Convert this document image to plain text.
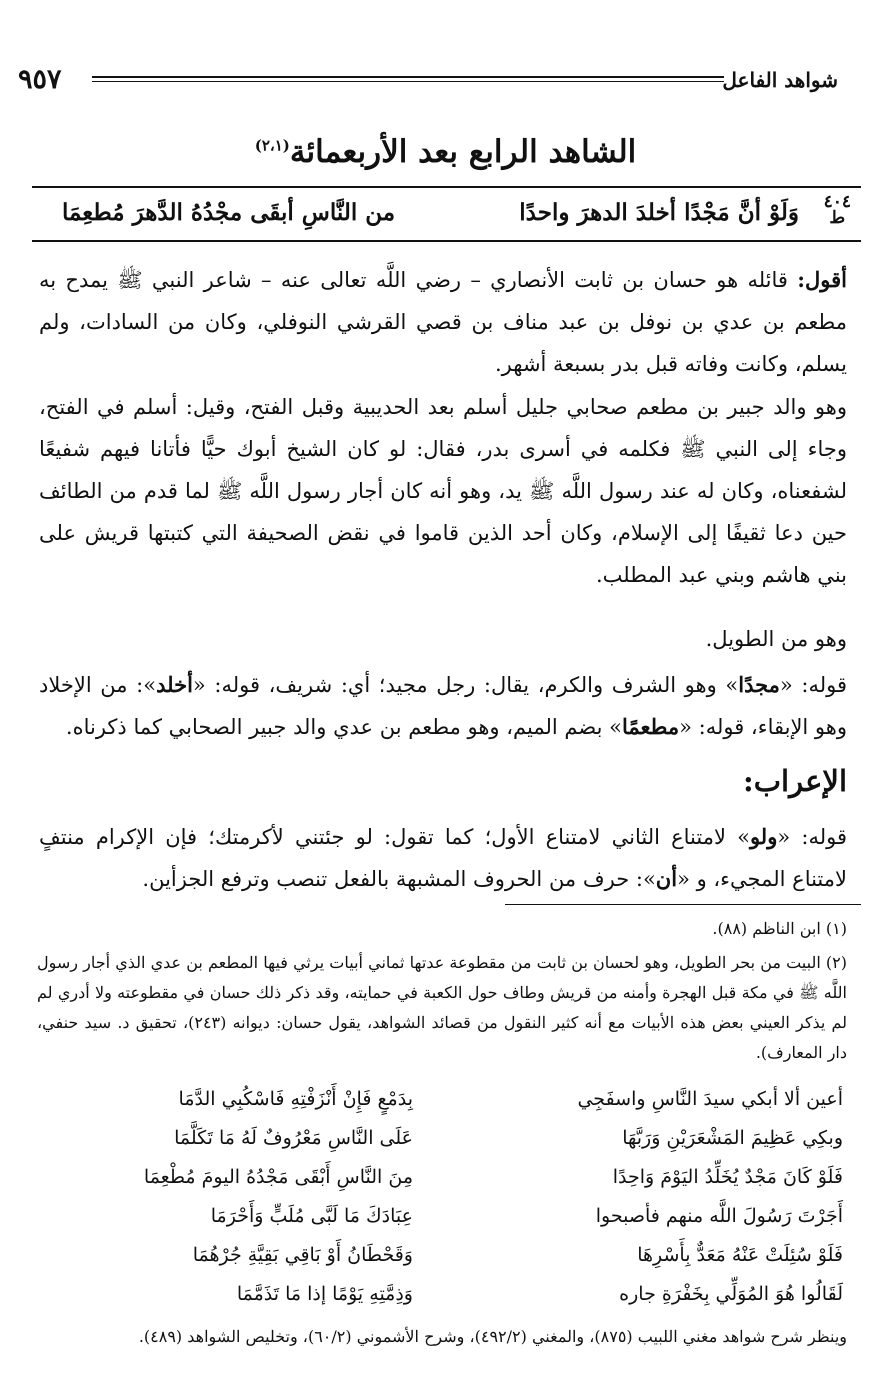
٩٥٧	شواهد الفاعل
الشاهد الرابع بعد الأربعمائة$^{(٢،١)}$
٤٠٤
ط
وَلَوْ أنَّ مَجْدًا أخلدَ الدهرَ واحدًا
من النَّاسِ أبقَى مجْدُهُ الدَّهرَ مُطعِمَا
أقول: قائله هو حسان بن ثابت الأنصاري – رضي اللَّه تعالى عنه – شاعر النبي ﷺ يمدح به مطعم بن عدي بن نوفل بن عبد مناف بن قصي القرشي النوفلي، وكان من السادات، ولم يسلم، وكانت وفاته قبل بدر بسبعة أشهر.
وهو والد جبير بن مطعم صحابي جليل أسلم بعد الحديبية وقبل الفتح، وقيل: أسلم في الفتح، وجاء إلى النبي ﷺ فكلمه في أسرى بدر، فقال: لو كان الشيخ أبوك حيًّا فأتانا فيهم شفيعًا لشفعناه، وكان له عند رسول اللَّه ﷺ يد، وهو أنه كان أجار رسول اللَّه ﷺ لما قدم من الطائف حين دعا ثقيفًا إلى الإسلام، وكان أحد الذين قاموا في نقض الصحيفة التي كتبتها قريش على بني هاشم وبني عبد المطلب.
وهو من الطويل.
قوله: «مجدًا» وهو الشرف والكرم، يقال: رجل مجيد؛ أي: شريف، قوله: «أخلد»: من الإخلاد وهو الإبقاء، قوله: «مطعمًا» بضم الميم، وهو مطعم بن عدي والد جبير الصحابي كما ذكرناه.
الإعراب:
قوله: «ولو» لامتناع الثاني لامتناع الأول؛ كما تقول: لو جئتني لأكرمتك؛ فإن الإكرام منتفٍ لامتناع المجيء، و «أن»: حرف من الحروف المشبهة بالفعل تنصب وترفع الجزأين.
(١) ابن الناظم (٨٨).
(٢) البيت من بحر الطويل، وهو لحسان بن ثابت من مقطوعة عدتها ثماني أبيات يرثي فيها المطعم بن عدي الذي أجار رسول اللَّه ﷺ في مكة قبل الهجرة وأمنه من قريش وطاف حول الكعبة في حمايته، وقد ذكر ذلك حسان في مقطوعته ولا أدري لم لم يذكر العيني بعض هذه الأبيات مع أنه كثير النقول من قصائد الشواهد، يقول حسان: ديوانه (٢٤٣)، تحقيق د. سيد حنفي، دار المعارف).
أعين ألا أبكي سيدَ النَّاسِ واسفَجِي
بِدَمْعٍ فَإِنْ أَنْزَفْتِهِ فَاسْكُبِي الدَّمَا
وبكِي عَظِيمَ المَشْعَرَيْنِ وَرَبَّهَا
عَلَى النَّاسِ مَعْرُوفٌ لَهُ مَا تَكَلَّمَا
فَلَوْ كَانَ مَجْدٌ يُخَلِّدُ اليَوْمَ وَاحِدًا
مِنَ النَّاسِ أَبْقَى مَجْدُهُ اليومَ مُطْعِمَا
أَجَرْتَ رَسُولَ اللَّه منهم فأصبحوا
عِبَادَكَ مَا لَبَّى مُلَبٍّ وَأَحْرَمَا
فَلَوْ سُئِلَتْ عَنْهُ مَعَدٌّ بِأَسْرِهَا
وَقَحْطَانُ أَوْ بَاقِي بَقِيَّةِ جُرْهُمَا
لَقَالُوا هُوَ المُوَلِّي بِخَفْرَةِ جاره
وَذِمَّتِهِ يَوْمًا إذا مَا تَذَمَّمَا
وينظر شرح شواهد مغني اللبيب (٨٧٥)، والمغني (٤٩٢/٢)، وشرح الأشموني (٦٠/٢)، وتخليص الشواهد (٤٨٩).
